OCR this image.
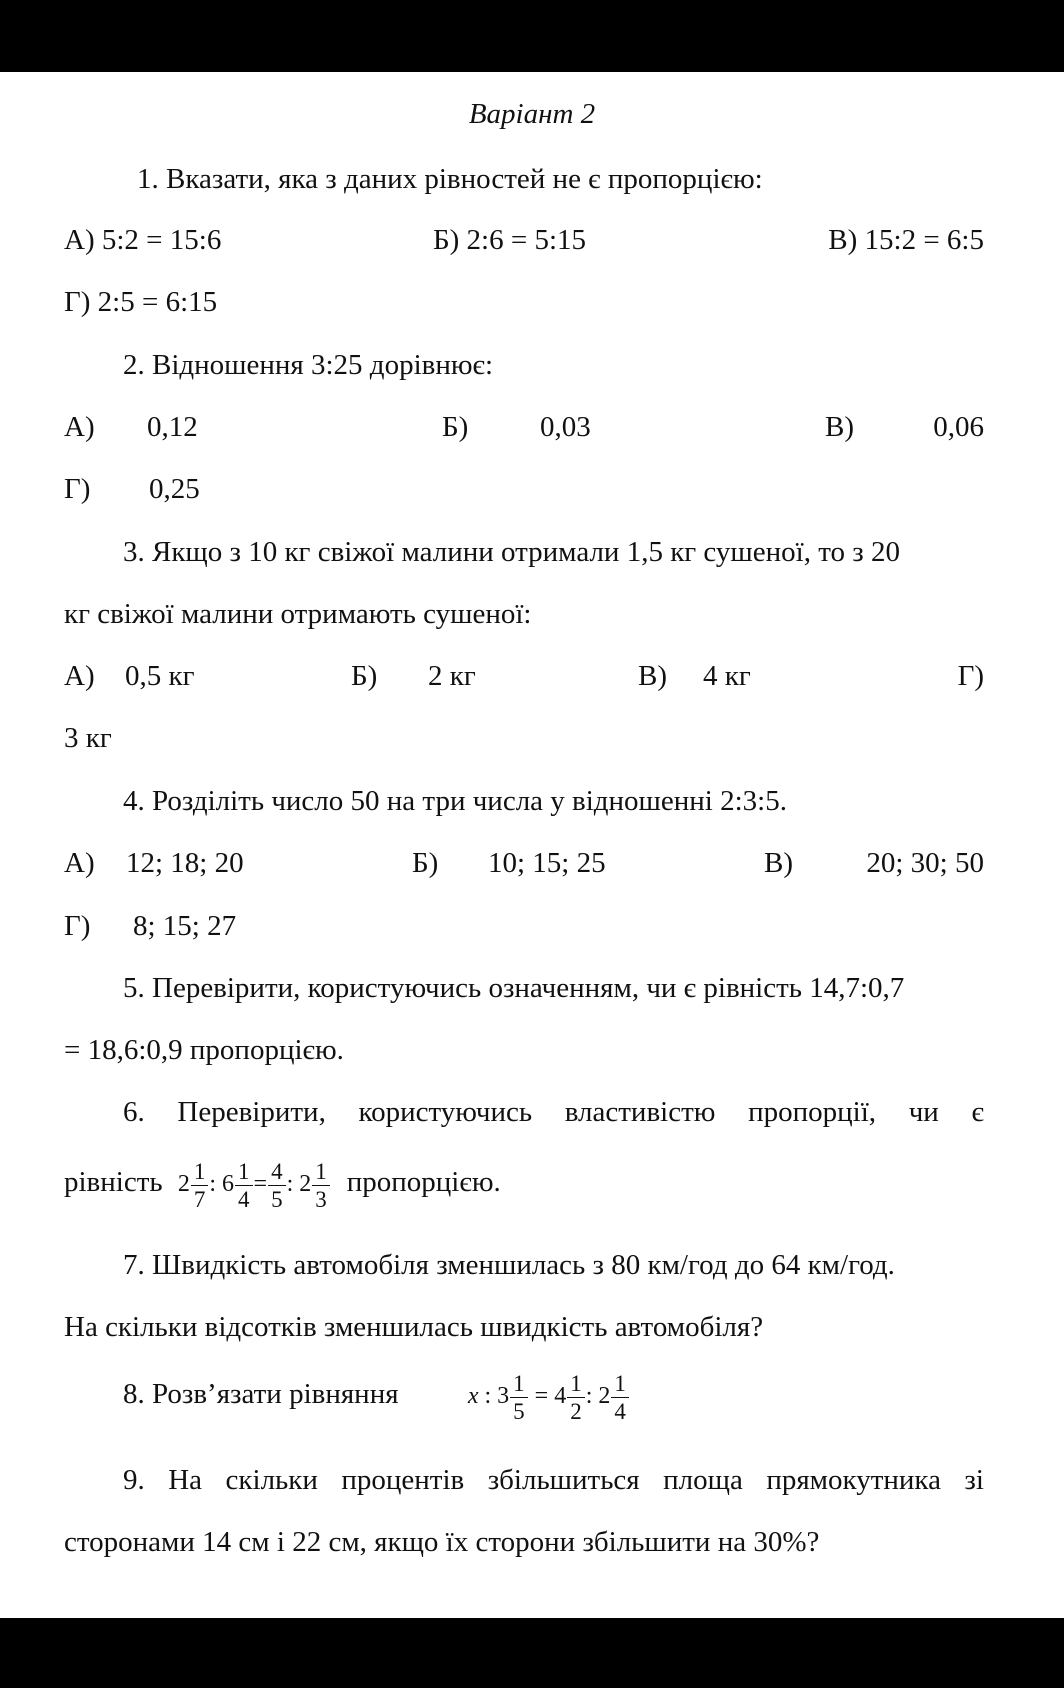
Варіант 2
1. Вказати, яка з даних рівностей не є пропорцією:
А) 5:2 = 15:6	Б) 2:6 = 5:15	В) 15:2 = 6:5
Г) 2:5 = 6:15
2. Відношення 3:25 дорівнює:
А) 0,12	Б) 0,03	В)	0,06
Г) 0,25
3. Якщо з 10 кг свіжої малини отримали 1,5 кг сушеної, то з 20
кг свіжої малини отримають сушеної:
А) 0,5 кг	Б) 2 кг	В) 4 кг	Г)
3 кг
4. Розділіть число 50 на три числа у відношенні 2:3:5.
А) 12; 18; 20	Б) 10; 15; 25	В)	20; 30; 50
Г) 8; 15; 27
5. Перевірити, користуючись означенням, чи є рівність 14,7:0,7
= 18,6:0,9 пропорцією.
6. Перевірити, користуючись властивістю пропорції, чи є
рівність $2 \frac{1}{7}$ : $6 \frac{1}{4} = \frac{4}{5}$ : $2 \frac{1}{3}$ пропорцією.
7. Швидкість автомобіля зменшилась з 80 км/год до 64 км/год.
На скільки відсотків зменшилась швидкість автомобіля?
8. Розв’язати рівняння	x : $3 \frac{1}{5} = 4 \frac{1}{2}$ : $2 \frac{1}{4}$
9. На скільки процентів збільшиться площа прямокутника зі
сторонами 14 см і 22 см, якщо їх сторони збільшити на 30%?
